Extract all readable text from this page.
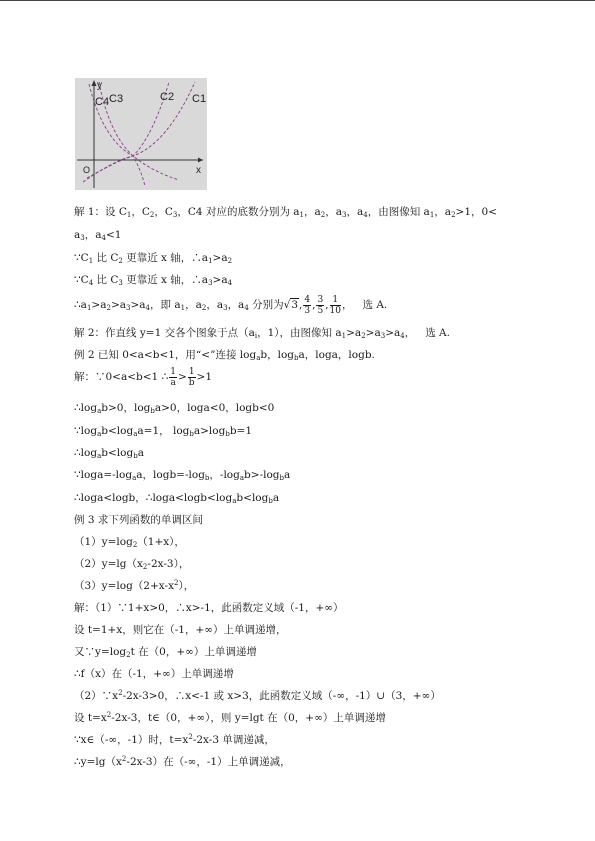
C4 C3	C2 C1
y
x
O
解 1：设 $C_1$，$C_2$，$C_3$，C4 对应的底数分别为 $a_1$，$a_2$，$a_3$，$a_4$，由图像知 $a_1$，$a_2>1$，0<
$a_3$，$a_4<1$
$\because C_1$ 比 $C_2$ 更靠近 x 轴，$\therefore a_1>a_2$
$\because C_4$ 比 $C_3$ 更靠近 x 轴，$\therefore a_3>a_4$
$\therefore a_1>a_2>a_3>a_4$，即 $a_1$，$a_2$，$a_3$，$a_4$ 分别为√3, $\frac{4}{3}$ , $\frac{3}{5}$ , $\frac{1}{10}$ ， 选 A.
解 2：作直线 y=1 交各个图象于点（$a_i$，1），由图像知 $a_1>a_2>a_3>a_4$， 选 A.
例 2 已知 0<a<b<1，用“<”连接 $\log_ab$，$\log_ba$，loga，logb.
解：∵0<a<b<1 ∴ $\frac{1}{a} > \frac{1}{b} >1$
$\therefore\log_ab>0$，$\log_ba>0$，loga<0，logb<0
$\because\log_ab<\log_aa=1$， $\log_ba>\log_bb=1$
$\therefore\log_ab<\log_ba$
$\because\log a=-\log_aa$，$\log b=-\log_b$，$-\log_ab>-\log_ba$
∴loga<logb，$\therefore\log a<\log b<\log_ab<\log_ba$
例 3 求下列函数的单调区间
$(1)y=\log_2(1+x)$，
$(2)y=\lg(x_2-2x-3)$，
$(3)y=\log(2+x-x^2)$，
解：（1）∵1+x>0，∴x>-1，此函数定义域（-1，+∞）
设 t=1+x，则它在（-1，+∞）上单调递增，
又$\because y=\log_2t$ 在（0，+∞）上单调递增
∴f（x）在（-1，+∞）上单调递增
$(2)\because x^2-2x-3>0$，∴x<-1 或 x>3，此函数定义域（-∞，-1）∪（3，+∞）
设 $t=x^2-2x-3$，t∈（0，+∞），则 y=lgt 在（0，+∞）上单调递增
∵x∈（-∞，-1）时，$t=x^2-2x-3$ 单调递减，
$\therefore y=\lg(x^2-2x-3)$在（-∞，-1）上单调递减，
